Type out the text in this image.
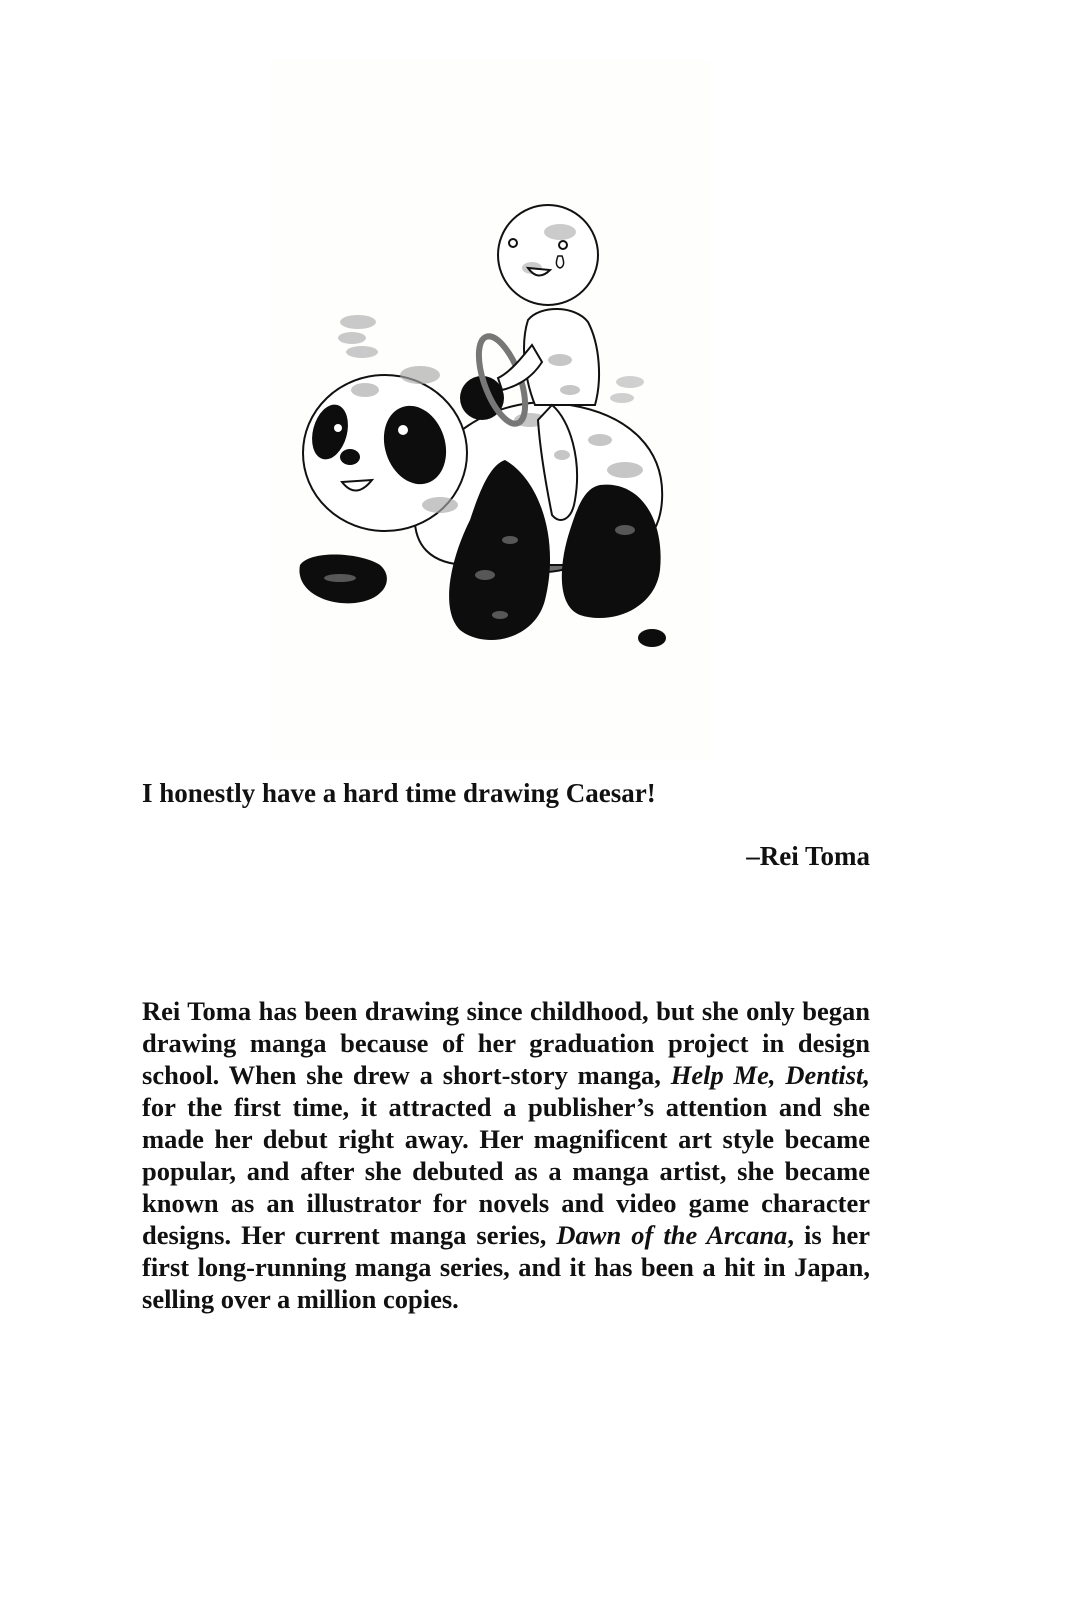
I honestly have a hard time drawing Caesar!

–Rei Toma

Rei Toma has been drawing since childhood, but she only began drawing manga because of her graduation project in design school. When she drew a short-story manga, Help Me, Dentist, for the first time, it attracted a publisher’s attention and she made her debut right away. Her magnificent art style became popular, and after she debuted as a manga artist, she became known as an illustrator for novels and video game character designs. Her current manga series, Dawn of the Arcana, is her first long-running manga series, and it has been a hit in Japan, selling over a million copies.
